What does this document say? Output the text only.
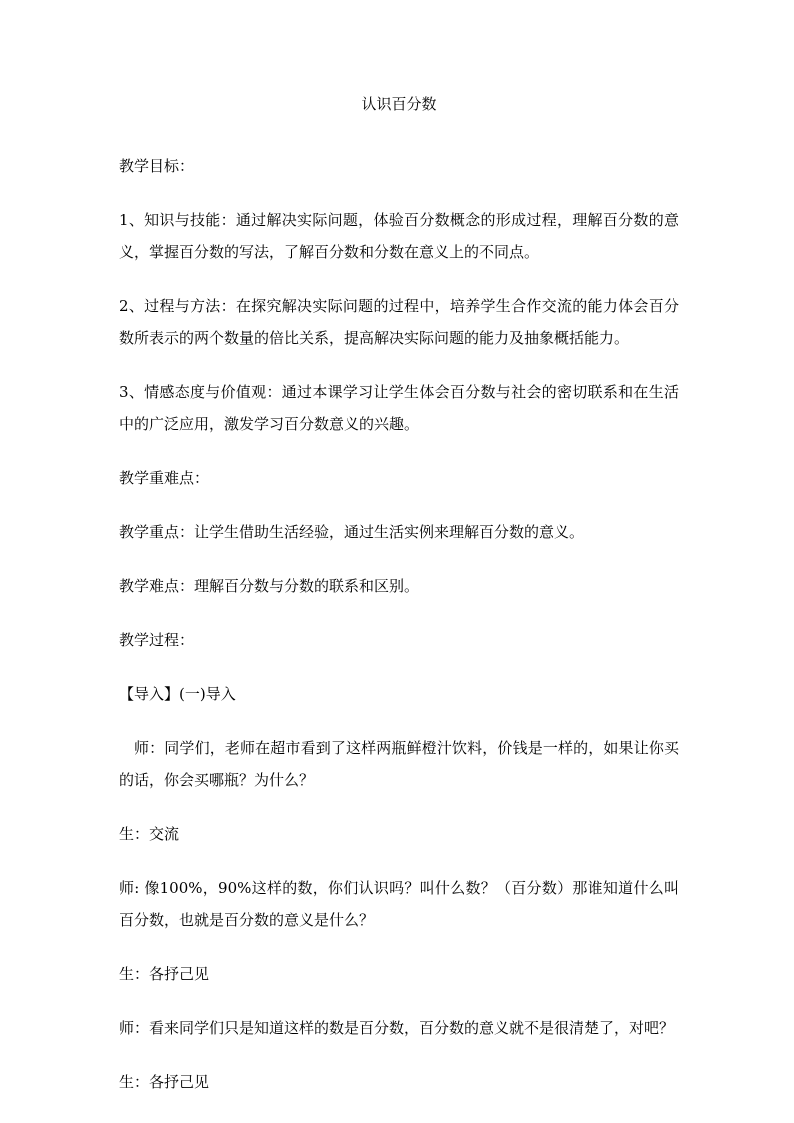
认识百分数

教学目标：

1、知识与技能：通过解决实际问题，体验百分数概念的形成过程，理解百分数的意义，掌握百分数的写法，了解百分数和分数在意义上的不同点。

2、过程与方法：在探究解决实际问题的过程中，培养学生合作交流的能力体会百分数所表示的两个数量的倍比关系，提高解决实际问题的能力及抽象概括能力。

3、情感态度与价值观：通过本课学习让学生体会百分数与社会的密切联系和在生活中的广泛应用，激发学习百分数意义的兴趣。

教学重难点：

教学重点：让学生借助生活经验，通过生活实例来理解百分数的意义。

教学难点：理解百分数与分数的联系和区别。

教学过程：

【导入】(一)导入

师：同学们，老师在超市看到了这样两瓶鲜橙汁饮料，价钱是一样的，如果让你买的话，你会买哪瓶？为什么？

生：交流

师: 像100%，90%这样的数，你们认识吗？叫什么数？（百分数）那谁知道什么叫百分数，也就是百分数的意义是什么？

生：各抒己见

师：看来同学们只是知道这样的数是百分数，百分数的意义就不是很清楚了，对吧？

生：各抒己见
